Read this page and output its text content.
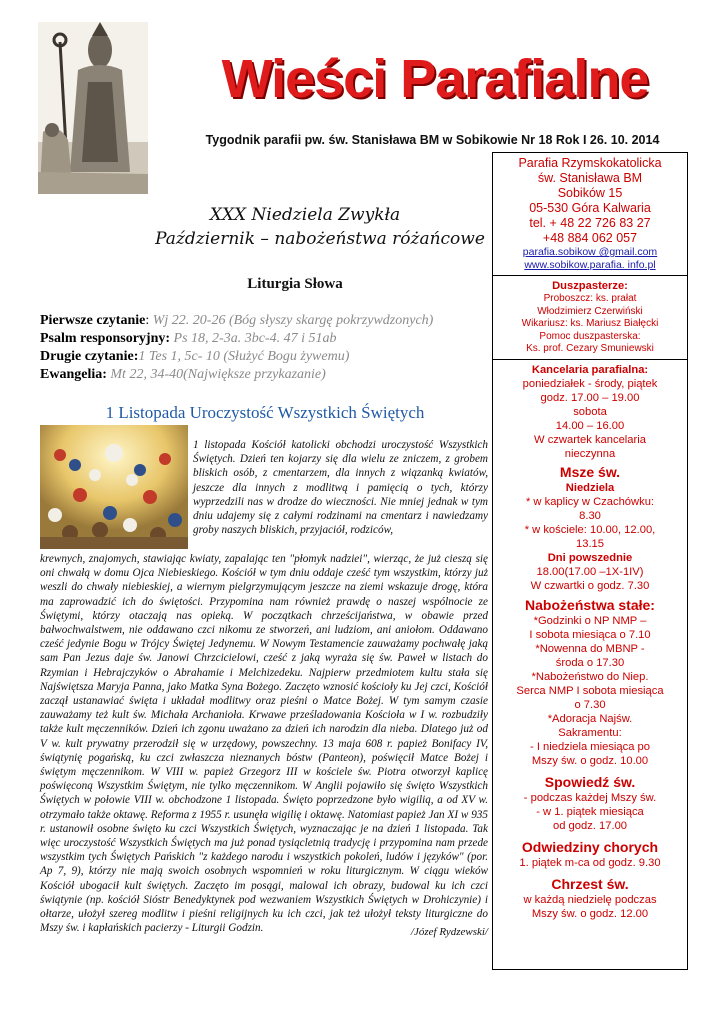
Wieści Parafialne
Tygodnik parafii pw. św. Stanisława BM w Sobikowie Nr 18 Rok I 26. 10. 2014
XXX Niedziela Zwykła
Październik – nabożeństwa różańcowe
Liturgia Słowa
Pierwsze czytanie: Wj 22. 20-26 (Bóg słyszy skargę pokrzywdzonych)
Psalm responsoryjny: Ps 18, 2-3a. 3bc-4. 47 i 51ab
Drugie czytanie:1 Tes 1, 5c- 10 (Służyć Bogu żywemu)
Ewangelia: Mt 22, 34-40(Największe przykazanie)
1 Listopada Uroczystość Wszystkich Świętych
1 listopada Kościół katolicki obchodzi uroczystość Wszystkich Świętych. Dzień ten kojarzy się dla wielu ze zniczem, z grobem bliskich osób, z cmentarzem, dla innych z wiązanką kwiatów, jeszcze dla innych z modlitwą i pamięcią o tych, którzy wyprzedzili nas w drodze do wieczności. Nie mniej jednak w tym dniu udajemy się z całymi rodzinami na cmentarz i nawiedzamy groby naszych bliskich, przyjaciół, rodziców,
krewnych, znajomych, stawiając kwiaty, zapalając ten "płomyk nadziei", wierząc, że już cieszą się oni chwałą w domu Ojca Niebieskiego. Kościół w tym dniu oddaje cześć tym wszystkim, którzy już weszli do chwały niebieskiej, a wiernym pielgrzymującym jeszcze na ziemi wskazuje drogę, która ma zaprowadzić ich do świętości. Przypomina nam również prawdę o naszej wspólnocie ze Świętymi, którzy otaczają nas opieką. W początkach chrześcijaństwa, w obawie przed bałwochwalstwem, nie oddawano czci nikomu ze stworzeń, ani ludziom, ani aniołom. Oddawano cześć jedynie Bogu w Trójcy Świętej Jedynemu. W Nowym Testamencie zauważamy pochwałę jaką sam Pan Jezus daje św. Janowi Chrzcicielowi, cześć z jaką wyraża się św. Paweł w listach do Rzymian i Hebrajczyków o Abrahamie i Melchizedeku. Najpierw przedmiotem kultu stała się Najświętsza Maryja Panna, jako Matka Syna Bożego. Zaczęto wznosić kościoły ku Jej czci, Kościół zaczął ustanawiać święta i układał modlitwy oraz pieśni o Matce Bożej. W tym samym czasie zauważamy też kult św. Michała Archanioła. Krwawe prześladowania Kościoła w I w. rozbudziły także kult męczenników. Dzień ich zgonu uważano za dzień ich narodzin dla nieba. Dlatego już od V w. kult prywatny przerodził się w urzędowy, powszechny. 13 maja 608 r. papież Bonifacy IV, świątynię pogańską, ku czci zwłaszcza nieznanych bóstw (Panteon), poświęcił Matce Bożej i świętym męczennikom. W VIII w. papież Grzegorz III w kościele św. Piotra otworzył kaplicę poświęconą Wszystkim Świętym, nie tylko męczennikom. W Anglii pojawiło się święto Wszystkich Świętych w połowie VIII w. obchodzone 1 listopada. Święto poprzedzone było wigilią, a od XV w. otrzymało także oktawę. Reforma z 1955 r. usunęła wigilię i oktawę. Natomiast papież Jan XI w 935 r. ustanowił osobne święto ku czci Wszystkich Świętych, wyznaczając je na dzień 1 listopada. Tak więc uroczystość Wszystkich Świętych ma już ponad tysiącletnią tradycję i przypomina nam przede wszystkim tych Świętych Pańskich "z każdego narodu i wszystkich pokoleń, ludów i języków" (por. Ap 7, 9), którzy nie mają swoich osobnych wspomnień w roku liturgicznym. W ciągu wieków Kościół ubogacił kult świętych. Zaczęto im posągi, malowal ich obrazy, budowal ku ich czci świątynie (np. kościół Sióstr Benedyktynek pod wezwaniem Wszystkich Świętych w Drohiczynie) i ołtarze, ułożył szereg modlitw i pieśni religijnych ku ich czci, jak też ułożył teksty liturgiczne do Mszy św. i kapłańskich pacierzy - Liturgii Godzin.	/Józef Rydzewski/
Parafia Rzymskokatolicka
św. Stanisława BM
Sobików 15
05-530 Góra Kalwaria
tel. + 48 22 726 83 27
+48 884 062 057
parafia.sobikow @gmail.com
www.sobikow.parafia. info.pl
Duszpasterze:
Proboszcz: ks. prałat
Włodzimierz Czerwiński
Wikariusz: ks. Mariusz Białęcki
Pomoc duszpasterska:
Ks. prof. Cezary Smuniewski
Kancelaria parafialna:
poniedziałek - środy, piątek
godz. 17.00 – 19.00
sobota
14.00 – 16.00
W czwartek kancelaria
nieczynna
Msze św.
Niedziela
* w kaplicy w Czachówku:
8.30
* w kościele: 10.00, 12.00,
13.15
Dni powszednie
18.00(17.00 –1X-1IV)
W czwartki o godz. 7.30
Nabożeństwa stałe:
*Godzinki o NP NMP –
I sobota miesiąca o 7.10
*Nowenna do MBNP -
środa o 17.30
*Nabożeństwo do Niep.
Serca NMP I sobota miesiąca
o 7.30
*Adoracja Najśw.
Sakramentu:
- I niedziela miesiąca po
Mszy św. o godz. 10.00
Spowiedź św.
- podczas każdej Mszy św.
- w 1. piątek miesiąca
od godz. 17.00
Odwiedziny chorych
1. piątek m-ca od godz. 9.30
Chrzest św.
w każdą niedzielę podczas
Mszy św. o godz. 12.00
